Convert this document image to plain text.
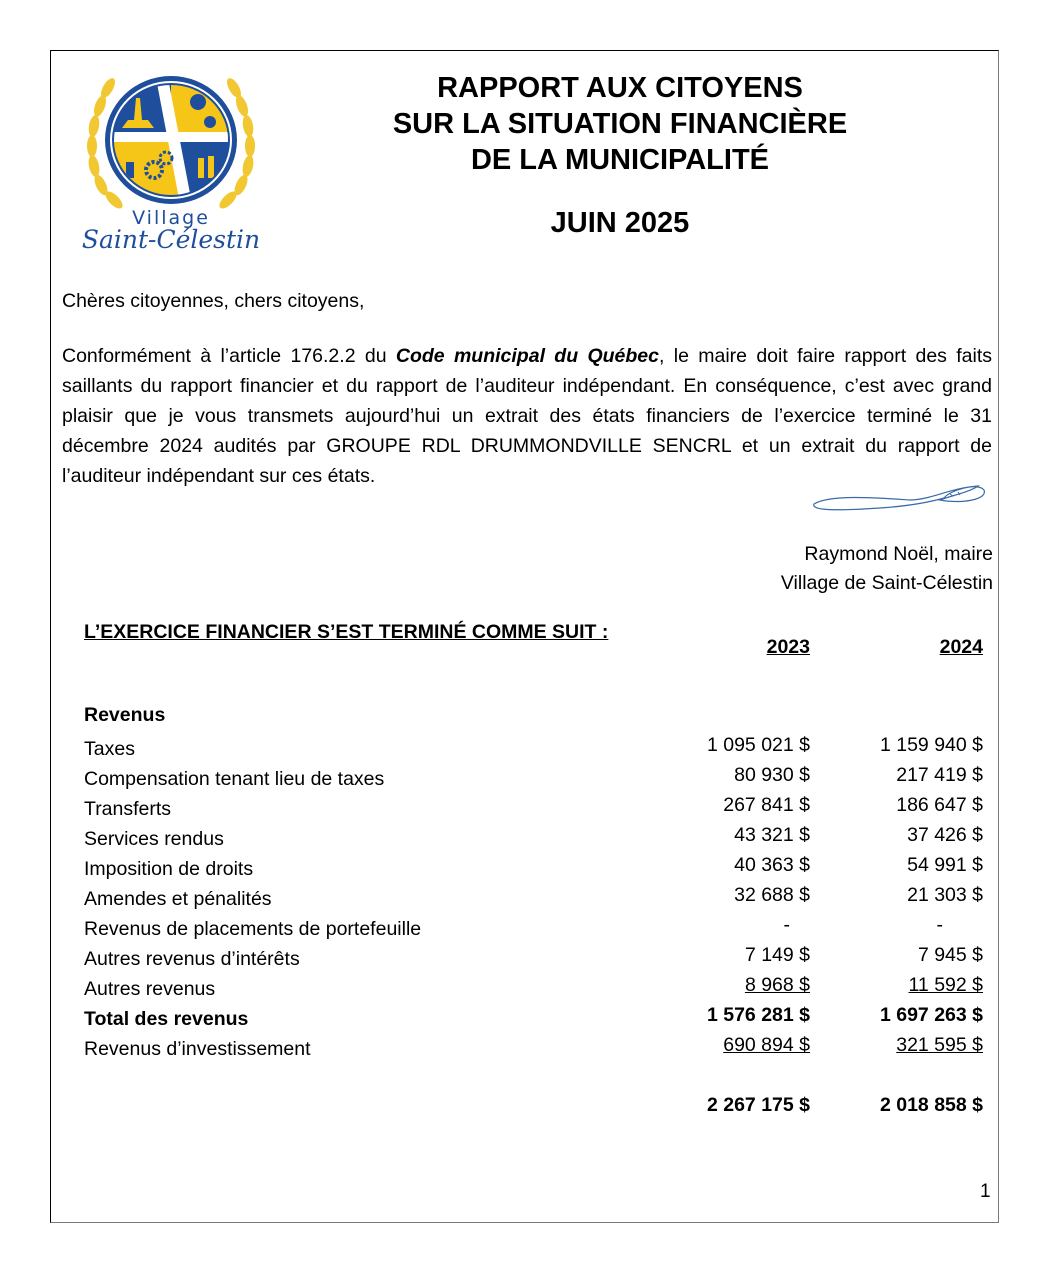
Village
Saint-Célestin
RAPPORT AUX CITOYENS
SUR LA SITUATION FINANCIÈRE
DE LA MUNICIPALITÉ
JUIN 2025
Chères citoyennes, chers citoyens,
Conformément à l’article 176.2.2 du Code municipal du Québec, le maire doit faire rapport des faits saillants du rapport financier et du rapport de l’auditeur indépendant. En conséquence, c’est avec grand plaisir que je vous transmets aujourd’hui un extrait des états financiers de l’exercice terminé le 31 décembre 2024 audités par GROUPE RDL DRUMMONDVILLE SENCRL et un extrait du rapport de l’auditeur indépendant sur ces états.
Raymond Noël, maire
Village de Saint-Célestin
L’EXERCICE FINANCIER S’EST TERMINÉ COMME SUIT :
2023	2024
Revenus
Taxes	1 095 021 $	1 159 940 $
Compensation tenant lieu de taxes	80 930 $	217 419 $
Transferts	267 841 $	186 647 $
Services rendus	43 321 $	37 426 $
Imposition de droits	40 363 $	54 991 $
Amendes et pénalités	32 688 $	21 303 $
Revenus de placements de portefeuille	-	-
Autres revenus d’intérêts	7 149 $	7 945 $
Autres revenus	8 968 $	11 592 $
Total des revenus	1 576 281 $	1 697 263 $
Revenus d’investissement	690 894 $	321 595 $
2 267 175 $	2 018 858 $
1
